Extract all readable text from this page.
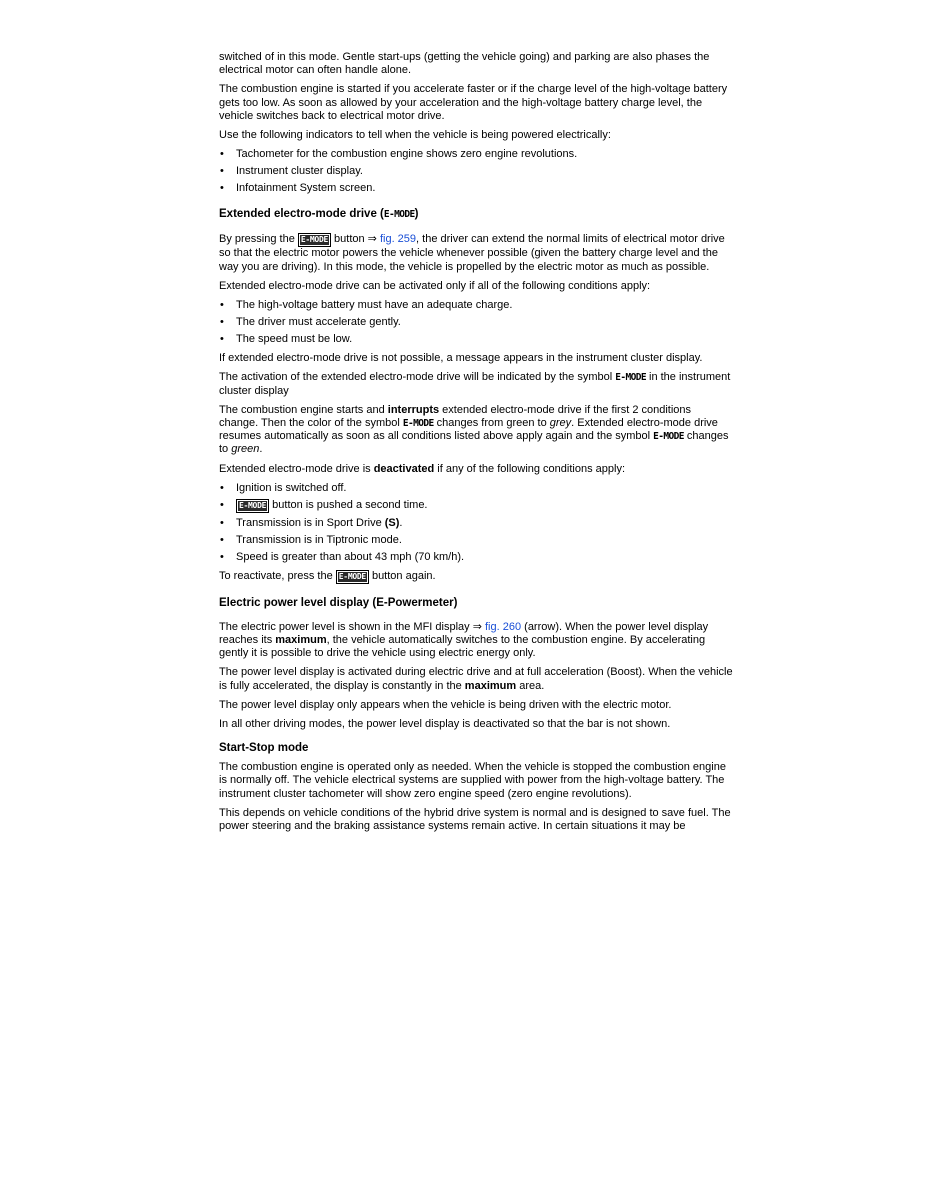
switched of in this mode. Gentle start-ups (getting the vehicle going) and parking are also phases the electrical motor can often handle alone.

The combustion engine is started if you accelerate faster or if the charge level of the high-voltage battery gets too low. As soon as allowed by your acceleration and the high-voltage battery charge level, the vehicle switches back to electrical motor drive.

Use the following indicators to tell when the vehicle is being powered electrically:

• Tachometer for the combustion engine shows zero engine revolutions.
• Instrument cluster display.
• Infotainment System screen.
Extended electro-mode drive (E-MODE)

By pressing the E-MODE button ⇒ fig. 259, the driver can extend the normal limits of electrical motor drive so that the electric motor powers the vehicle whenever possible (given the battery charge level and the way you are driving). In this mode, the vehicle is propelled by the electric motor as much as possible.

Extended electro-mode drive can be activated only if all of the following conditions apply:

• The high-voltage battery must have an adequate charge.
• The driver must accelerate gently.
• The speed must be low.

If extended electro-mode drive is not possible, a message appears in the instrument cluster display.

The activation of the extended electro-mode drive will be indicated by the symbol E-MODE in the instrument cluster display

The combustion engine starts and interrupts extended electro-mode drive if the first 2 conditions change. Then the color of the symbol E-MODE changes from green to grey. Extended electro-mode drive resumes automatically as soon as all conditions listed above apply again and the symbol E-MODE changes to green.

Extended electro-mode drive is deactivated if any of the following conditions apply:

• Ignition is switched off.
• E-MODE button is pushed a second time.
• Transmission is in Sport Drive (S).
• Transmission is in Tiptronic mode.
• Speed is greater than about 43 mph (70 km/h).

To reactivate, press the E-MODE button again.

Electric power level display (E-Powermeter)

The electric power level is shown in the MFI display ⇒ fig. 260 (arrow). When the power level display reaches its maximum, the vehicle automatically switches to the combustion engine. By accelerating gently it is possible to drive the vehicle using electric energy only.

The power level display is activated during electric drive and at full acceleration (Boost). When the vehicle is fully accelerated, the display is constantly in the maximum area.

The power level display only appears when the vehicle is being driven with the electric motor.

In all other driving modes, the power level display is deactivated so that the bar is not shown.

Start-Stop mode

The combustion engine is operated only as needed. When the vehicle is stopped the combustion engine is normally off. The vehicle electrical systems are supplied with power from the high-voltage battery. The instrument cluster tachometer will show zero engine speed (zero engine revolutions).

This depends on vehicle conditions of the hybrid drive system is normal and is designed to save fuel. The power steering and the braking assistance systems remain active. In certain situations it may be
